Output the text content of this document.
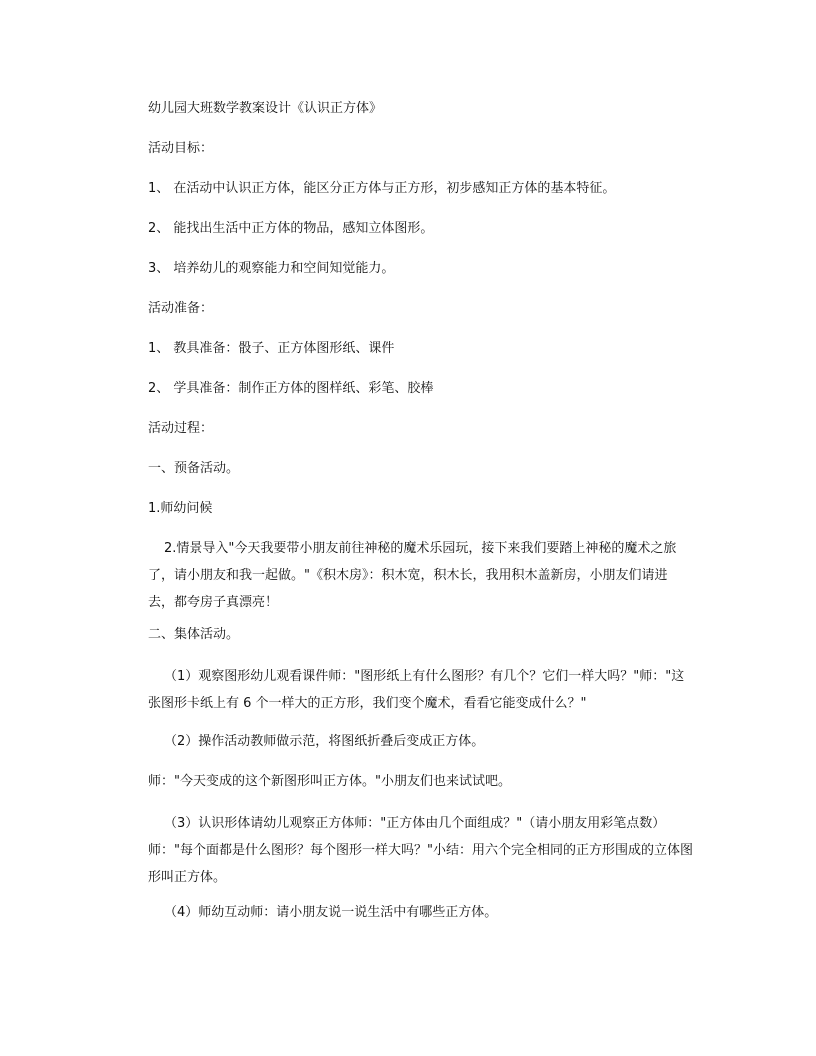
幼儿园大班数学教案设计《认识正方体》
活动目标：
1、 在活动中认识正方体，能区分正方体与正方形，初步感知正方体的基本特征。
2、 能找出生活中正方体的物品，感知立体图形。
3、 培养幼儿的观察能力和空间知觉能力。
活动准备：
1、 教具准备：骰子、正方体图形纸、课件
2、 学具准备：制作正方体的图样纸、彩笔、胶棒
活动过程：
一、预备活动。
1.师幼问候
2.情景导入"今天我要带小朋友前往神秘的魔术乐园玩，接下来我们要踏上神秘的魔术之旅了，请小朋友和我一起做。"《积木房》：积木宽，积木长，我用积木盖新房，小朋友们请进去，都夸房子真漂亮！
二、集体活动。
（1）观察图形幼儿观看课件师："图形纸上有什么图形？有几个？它们一样大吗？"师："这张图形卡纸上有 6 个一样大的正方形，我们变个魔术，看看它能变成什么？"
（2）操作活动教师做示范，将图纸折叠后变成正方体。
师："今天变成的这个新图形叫正方体。"小朋友们也来试试吧。
（3）认识形体请幼儿观察正方体师："正方体由几个面组成？"（请小朋友用彩笔点数）师："每个面都是什么图形？每个图形一样大吗？"小结：用六个完全相同的正方形围成的立体图形叫正方体。
（4）师幼互动师：请小朋友说一说生活中有哪些正方体。
